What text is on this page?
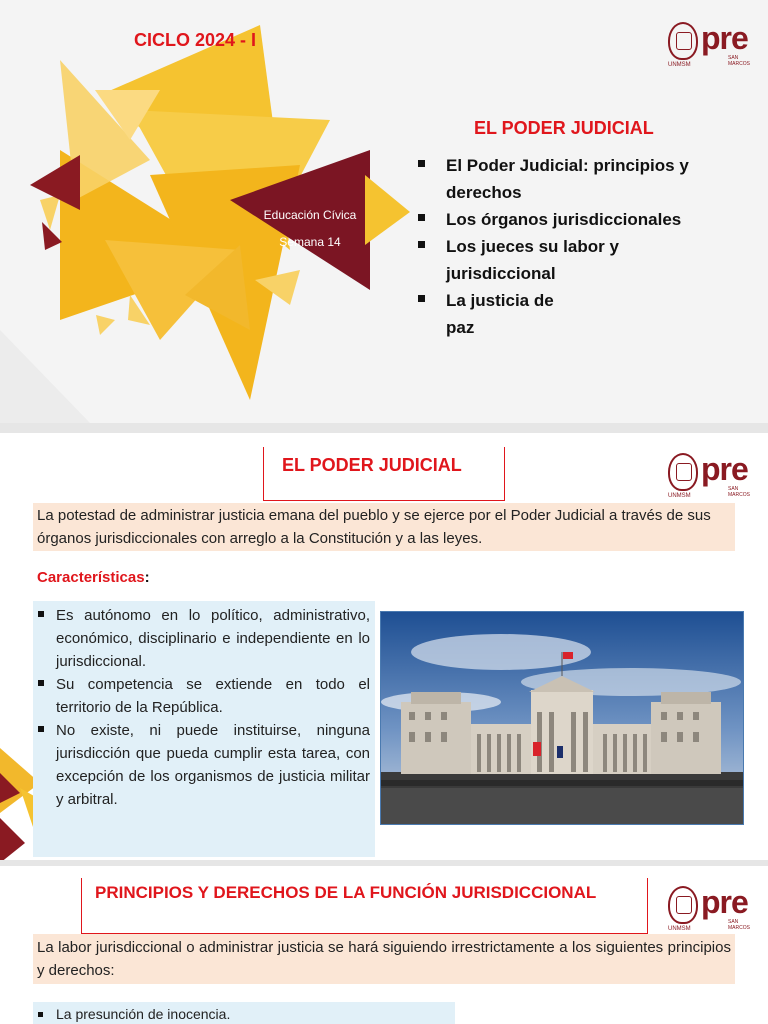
CICLO 2024 - I
Educación Cívica
Semana 14
pre
SAN MARCOS
UNMSM
EL PODER JUDICIAL
El Poder Judicial: principios y derechos
Los órganos jurisdiccionales
Los jueces su labor y jurisdiccional
La justicia de paz
EL PODER JUDICIAL	pre
SAN MARCOS
UNMSM
La potestad de administrar justicia emana del pueblo y se ejerce por el Poder Judicial a través de sus órganos jurisdiccionales con arreglo a la Constitución y a las leyes.
Características:
Es autónomo en lo político, administrativo, económico, disciplinario e independiente en lo jurisdiccional.
Su competencia se extiende en todo el territorio de la República.
No existe, ni puede instituirse, ninguna jurisdicción que pueda cumplir esta tarea, con excepción de los organismos de justicia militar y arbitral.
PRINCIPIOS Y DERECHOS DE LA FUNCIÓN JURISDICCIONAL	pre
SAN MARCOS
UNMSM
La labor jurisdiccional o administrar justicia se hará siguiendo irrestrictamente a los siguientes principios y derechos:
La presunción de inocencia.
